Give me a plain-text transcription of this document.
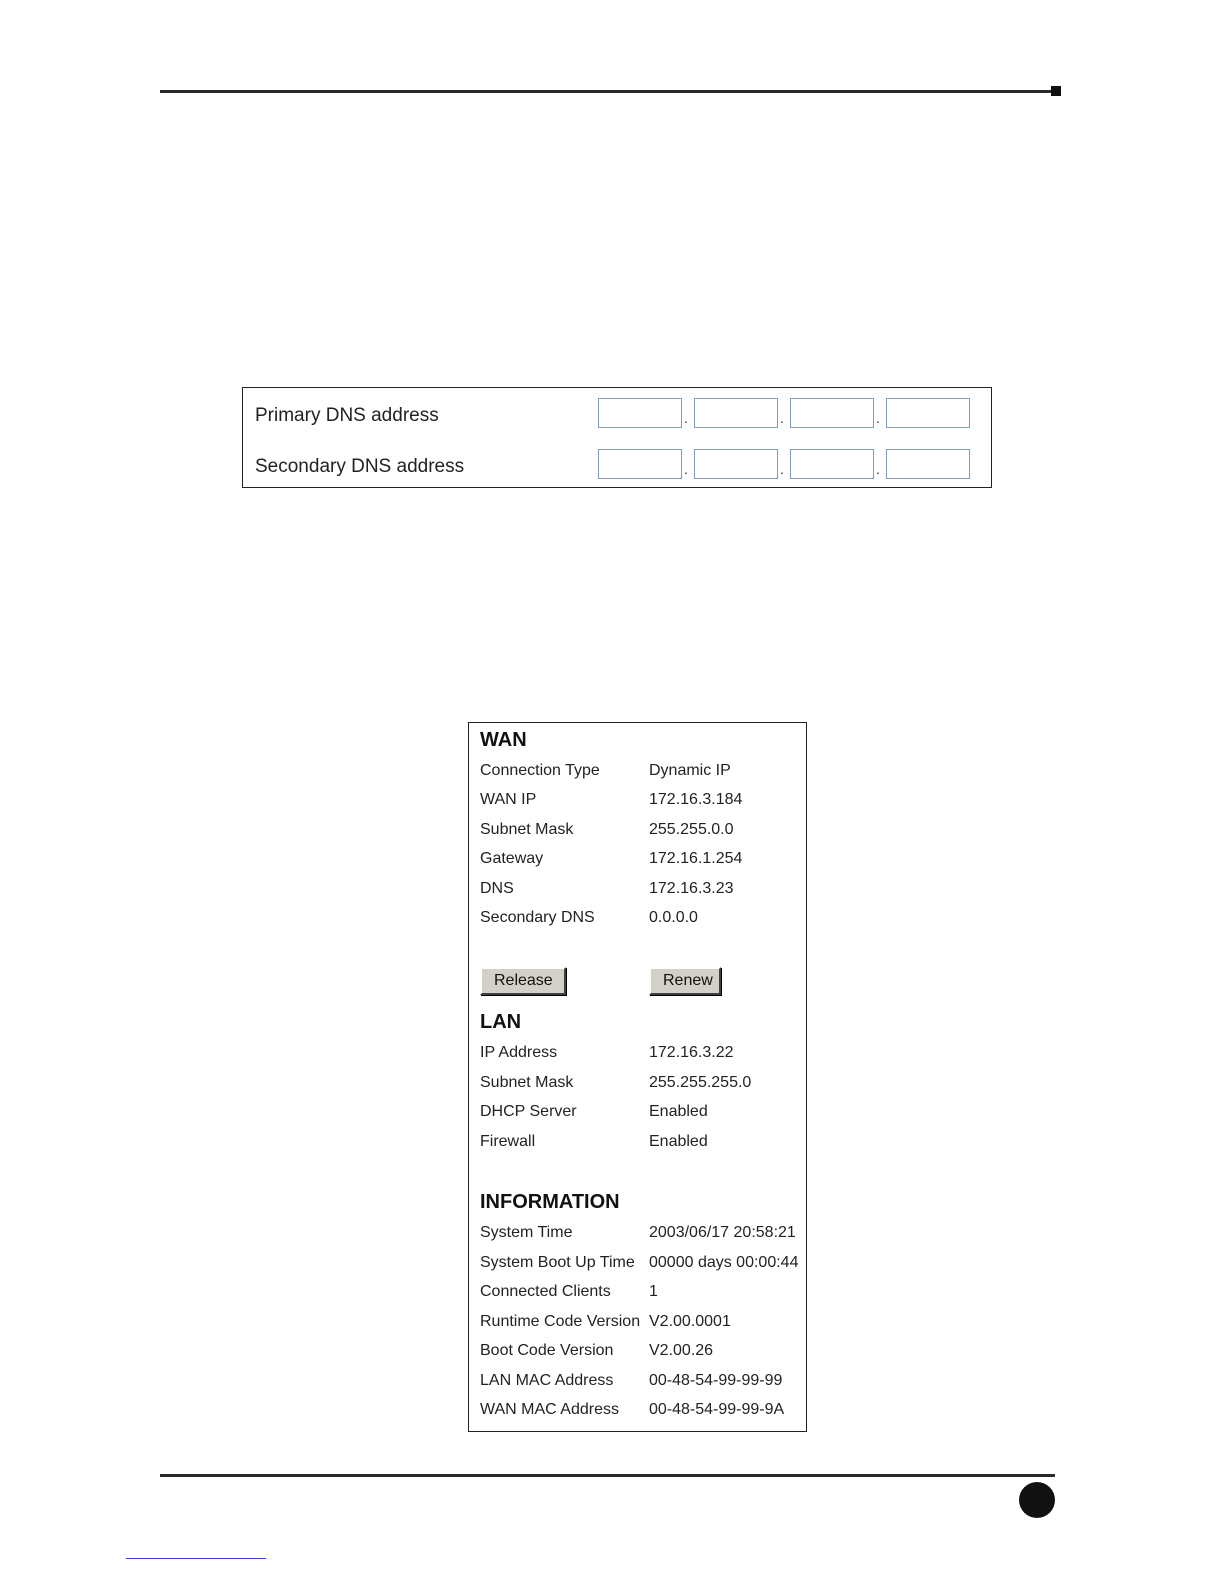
Primary DNS address	.	.	.
Secondary DNS address	.	.	.
WAN
Connection Type	Dynamic IP
WAN IP	172.16.3.184
Subnet Mask	255.255.0.0
Gateway	172.16.1.254
DNS	172.16.3.23
Secondary DNS	0.0.0.0
Release	Renew
LAN
IP Address	172.16.3.22
Subnet Mask	255.255.255.0
DHCP Server	Enabled
Firewall	Enabled
INFORMATION
System Time	2003/06/17 20:58:21
System Boot Up Time 00000 days 00:00:44
Connected Clients 1
Runtime Code Version V2.00.0001
Boot Code Version V2.00.26
LAN MAC Address 00-48-54-99-99-99
WAN MAC Address 00-48-54-99-99-9A
